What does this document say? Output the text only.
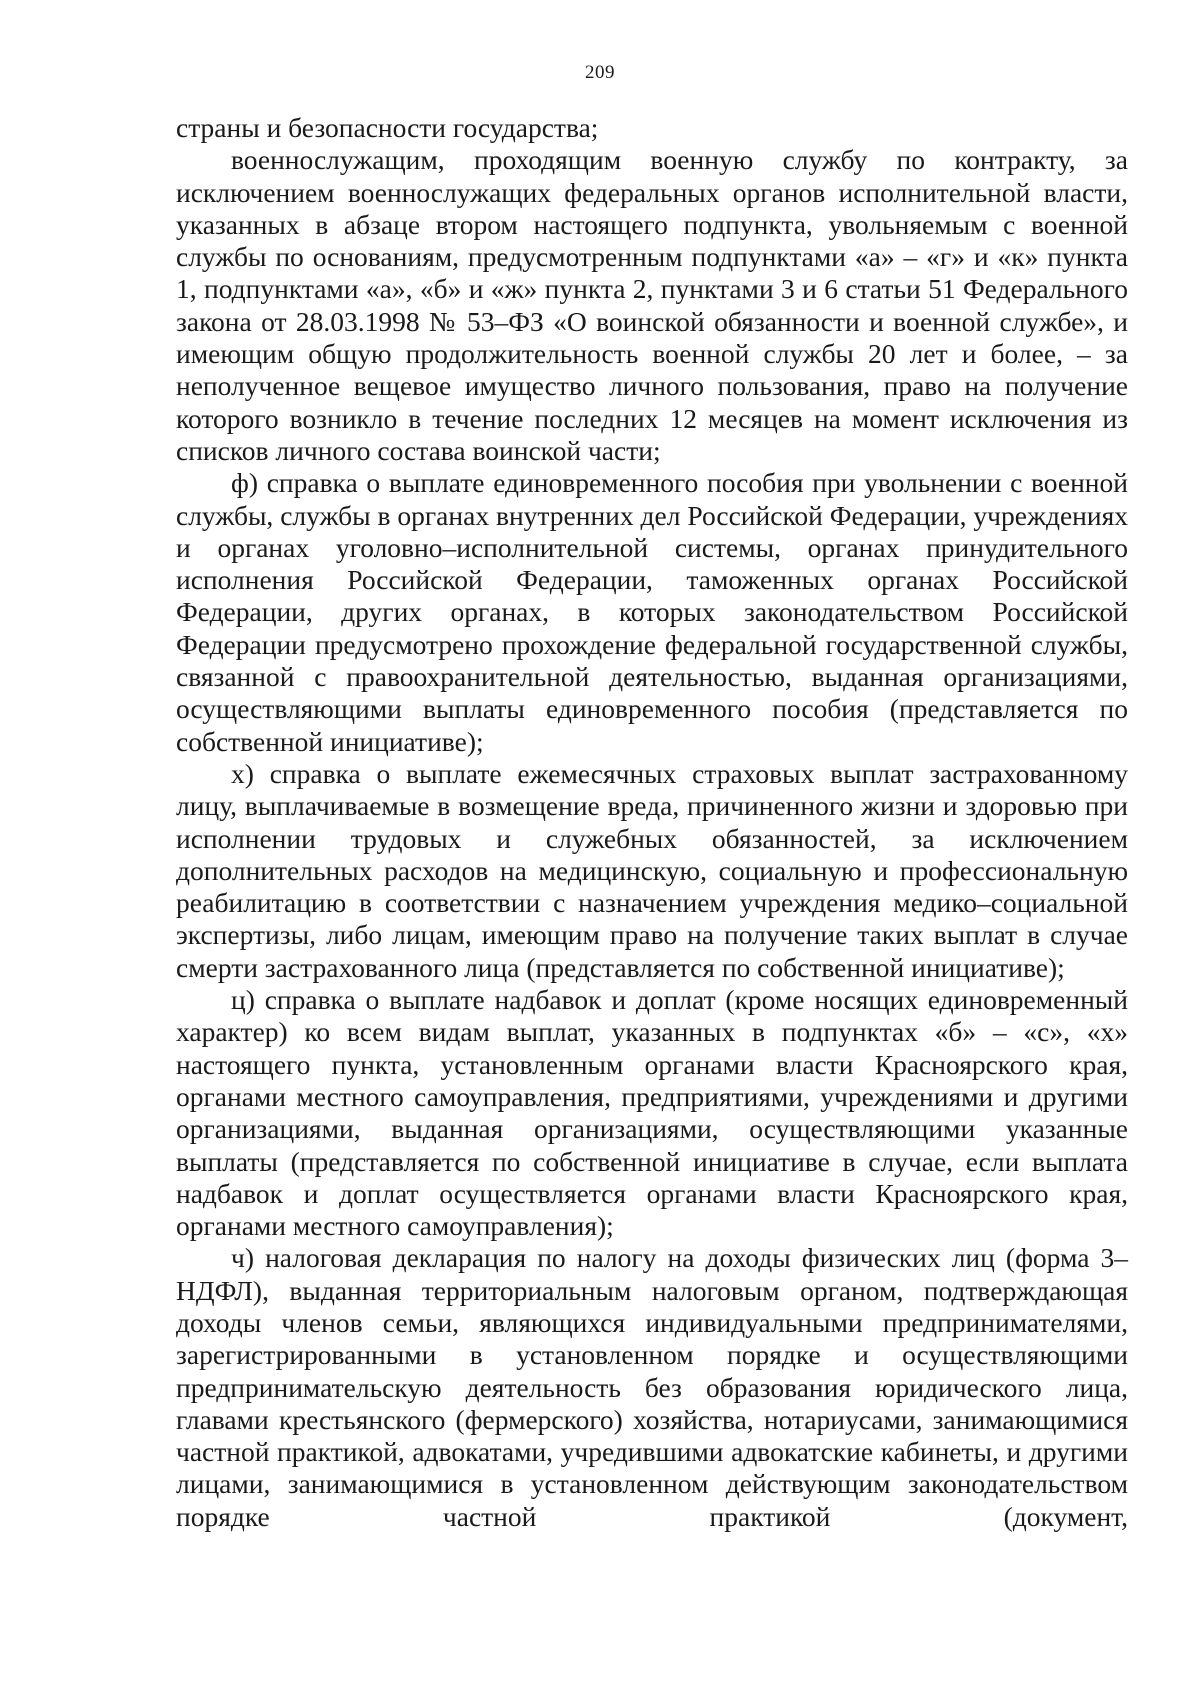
209

страны и безопасности государства;

военнослужащим, проходящим военную службу по контракту, за исключением военнослужащих федеральных органов исполнительной власти, указанных в абзаце втором настоящего подпункта, увольняемым с военной службы по основаниям, предусмотренным подпунктами «а» – «г» и «к» пункта 1, подпунктами «а», «б» и «ж» пункта 2, пунктами 3 и 6 статьи 51 Федерального закона от 28.03.1998 № 53–ФЗ «О воинской обязанности и военной службе», и имеющим общую продолжительность военной службы 20 лет и более, – за неполученное вещевое имущество личного пользования, право на получение которого возникло в течение последних 12 месяцев на момент исключения из списков личного состава воинской части;

ф) справка о выплате единовременного пособия при увольнении с военной службы, службы в органах внутренних дел Российской Федерации, учреждениях и органах уголовно–исполнительной системы, органах принудительного исполнения Российской Федерации, таможенных органах Российской Федерации, других органах, в которых законодательством Российской Федерации предусмотрено прохождение федеральной государственной службы, связанной с правоохранительной деятельностью, выданная организациями, осуществляющими выплаты единовременного пособия (представляется по собственной инициативе);

х) справка о выплате ежемесячных страховых выплат застрахованному лицу, выплачиваемые в возмещение вреда, причиненного жизни и здоровью при исполнении трудовых и служебных обязанностей, за исключением дополнительных расходов на медицинскую, социальную и профессиональную реабилитацию в соответствии с назначением учреждения медико–социальной экспертизы, либо лицам, имеющим право на получение таких выплат в случае смерти застрахованного лица (представляется по собственной инициативе);

ц) справка о выплате надбавок и доплат (кроме носящих единовременный характер) ко всем видам выплат, указанных в подпунктах «б» – «с», «х» настоящего пункта, установленным органами власти Красноярского края, органами местного самоуправления, предприятиями, учреждениями и другими организациями, выданная организациями, осуществляющими указанные выплаты (представляется по собственной инициативе в случае, если выплата надбавок и доплат осуществляется органами власти Красноярского края, органами местного самоуправления);

ч) налоговая декларация по налогу на доходы физических лиц (форма 3–НДФЛ), выданная территориальным налоговым органом, подтверждающая доходы членов семьи, являющихся индивидуальными предпринимателями, зарегистрированными в установленном порядке и осуществляющими предпринимательскую деятельность без образования юридического лица, главами крестьянского (фермерского) хозяйства, нотариусами, занимающимися частной практикой, адвокатами, учредившими адвокатские кабинеты, и другими лицами, занимающимися в установленном действующим законодательством порядке частной практикой (документ,
